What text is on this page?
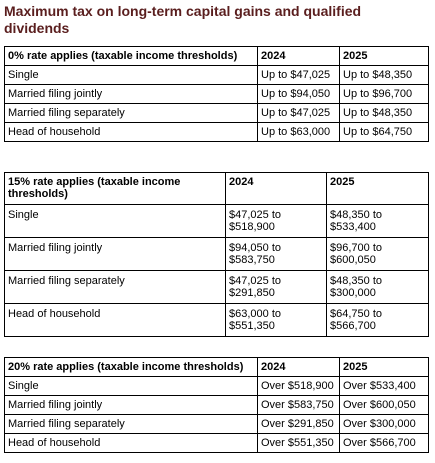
Maximum tax on long-term capital gains and qualified dividends
0% rate applies (taxable income thresholds)	2024	2025
Single	Up to $47,025	Up to $48,350
Married filing jointly	Up to $94,050	Up to $96,700
Married filing separately	Up to $47,025	Up to $48,350
Head of household	Up to $63,000	Up to $64,750
15% rate applies (taxable income thresholds)	2024	2025
Single	$47,025 to $518,900	$48,350 to $533,400
Married filing jointly	$94,050 to $583,750	$96,700 to $600,050
Married filing separately	$47,025 to $291,850	$48,350 to $300,000
Head of household	$63,000 to $551,350	$64,750 to $566,700
20% rate applies (taxable income thresholds)	2024	2025
Single	Over $518,900	Over $533,400
Married filing jointly	Over $583,750	Over $600,050
Married filing separately	Over $291,850	Over $300,000
Head of household	Over $551,350	Over $566,700
